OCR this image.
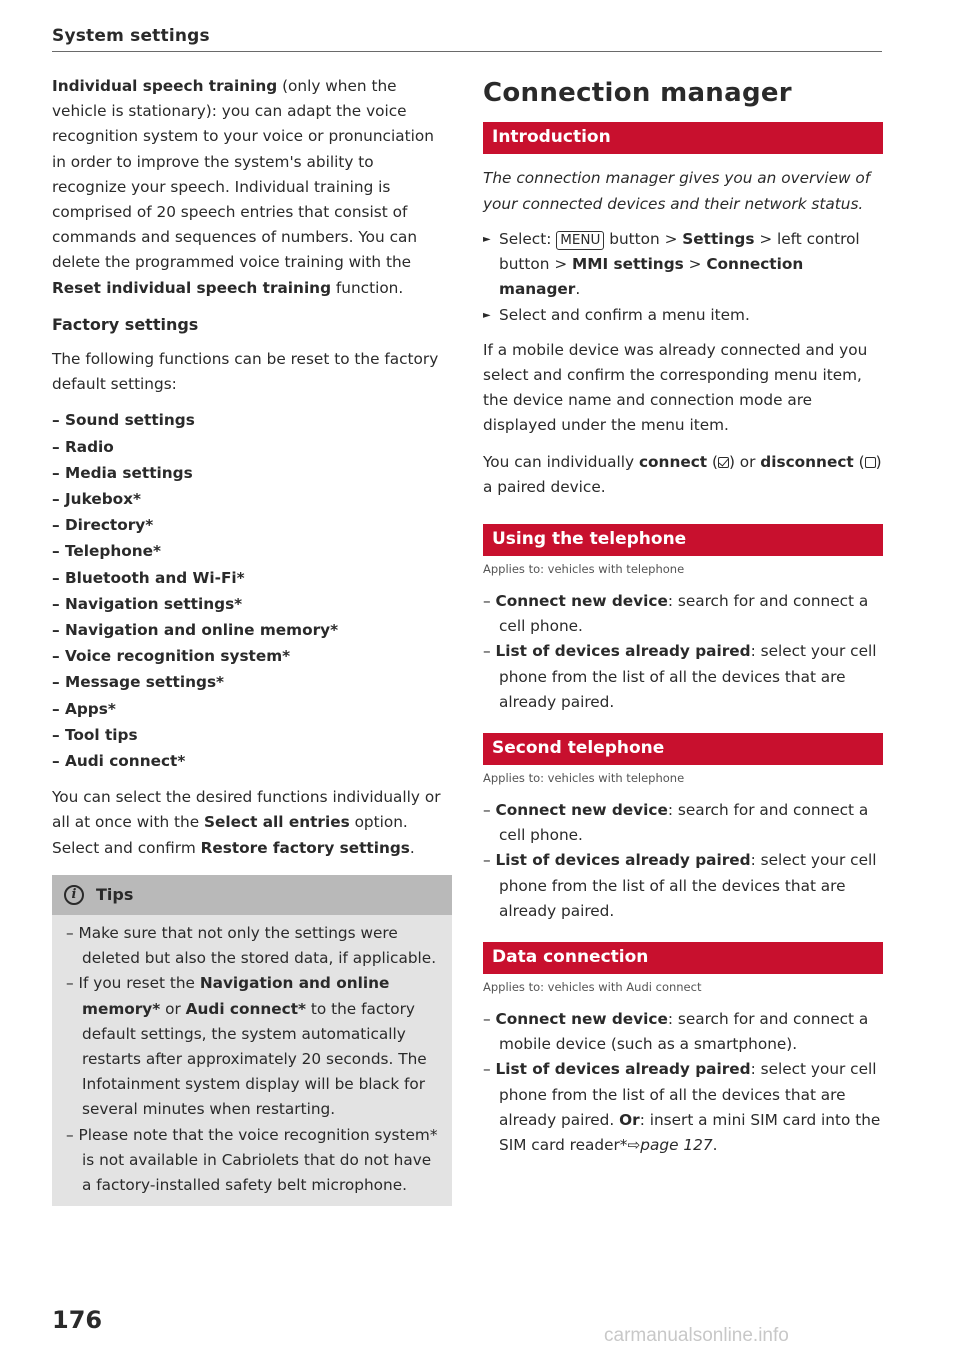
System settings

Individual speech training (only when the vehicle is stationary): you can adapt the voice recognition system to your voice or pronunciation in order to improve the system's ability to recognize your speech. Individual training is comprised of 20 speech entries that consist of commands and sequences of numbers. You can delete the programmed voice training with the Reset individual speech training function.

Factory settings

The following functions can be reset to the factory default settings:

– Sound settings
– Radio
– Media settings
– Jukebox*
– Directory*
– Telephone*
– Bluetooth and Wi-Fi*
– Navigation settings*
– Navigation and online memory*
– Voice recognition system*
– Message settings*
– Apps*
– Tool tips
– Audi connect*

You can select the desired functions individually or all at once with the Select all entries option. Select and confirm Restore factory settings.

i	Tips
– Make sure that not only the settings were deleted but also the stored data, if applicable.
– If you reset the Navigation and online memory* or Audi connect* to the factory default settings, the system automatically restarts after approximately 20 seconds. The Infotainment system display will be black for several minutes when restarting.
– Please note that the voice recognition system* is not available in Cabriolets that do not have a factory-installed safety belt microphone.
176
Connection manager
Introduction

The connection manager gives you an overview of your connected devices and their network status.

► Select: MENU button > Settings > left control button > MMI settings > Connection manager.
► Select and confirm a menu item.

If a mobile device was already connected and you select and confirm the corresponding menu item, the device name and connection mode are displayed under the menu item.

You can individually connect ( ) or disconnect ( ) a paired device.

Using the telephone
Applies to: vehicles with telephone
– Connect new device: search for and connect a cell phone.
– List of devices already paired: select your cell phone from the list of all the devices that are already paired.
Second telephone
Applies to: vehicles with telephone
– Connect new device: search for and connect a cell phone.
– List of devices already paired: select your cell phone from the list of all the devices that are already paired.
Data connection
Applies to: vehicles with Audi connect
– Connect new device: search for and connect a mobile device (such as a smartphone).
– List of devices already paired: select your cell phone from the list of all the devices that are already paired. Or: insert a mini SIM card into the SIM card reader*⇨page 127.
carmanualsonline.info
